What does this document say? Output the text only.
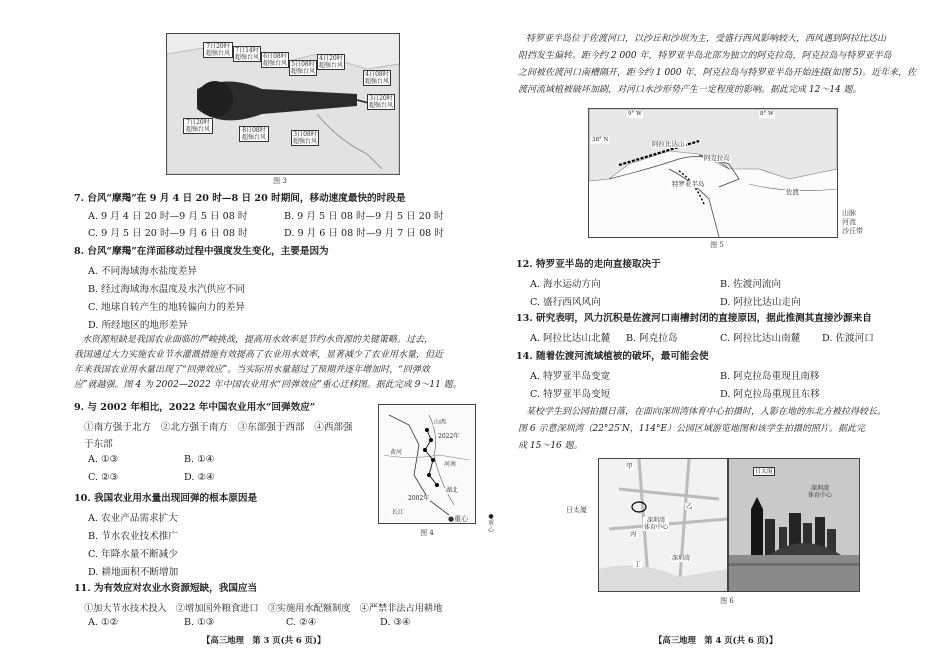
7日20时
超强台风 7日14时
超强台风 6日08时
超强台风 5日08时
超强台风
4日20时
超强台风
4日08时
超强台风
3日20时
超强台风
7日20时
超强台风	8日08时
超强台风	3日08时
超强台风
图 3
7. 台风“摩羯”在 9 月 4 日 20 时—8 日 20 时期间，移动速度最快的时段是
A. 9 月 4 日 20 时—9 月 5 日 08 时	B. 9 月 5 日 08 时—9 月 5 日 20 时
C. 9 月 5 日 20 时—9 月 6 日 08 时	D. 9 月 6 日 08 时—9 月 7 日 08 时
8. 台风“摩羯”在洋面移动过程中强度发生变化，主要是因为
A. 不同海域海水盐度差异
B. 经过海域海水温度及水汽供应不同
C. 地球自转产生的地转偏向力的差异
D. 所经地区的地形差异
水资源短缺是我国农业面临的严峻挑战，提高用水效率是节约水资源的关键策略。过去，
我国通过大力实施农业节水灌溉措施有效提高了农业用水效率，显著减少了农业用水量，但近
年来我国农业用水量出现了“回弹效应”。当实际用水量超过了预期并逐年增加时，“回弹效
应”就越强。图 4 为 2002—2022 年中国农业用水“回弹效应”重心迁移图。据此完成 9～11 题。
9. 与 2002 年相比，2022 年中国农业用水“回弹效应”
①南方强于北方　②北方强于南方　③东部强于西部　④西部强
于东部
A. ①③	B. ①④
C. ②③	D. ②④
山西
2022年
河南
湖北
2002年
黄河
长江
●重心
图 4
●重心
10. 我国农业用水量出现回弹的根本原因是
A. 农业产品需求扩大
B. 节水农业技术推广
C. 年降水量不断减少
D. 耕地面积不断增加
11. 为有效应对农业水资源短缺，我国应当
①加大节水技术投入　②增加国外粮食进口　③实施用水配额制度　④严禁非法占用耕地
A. ①②	B. ①③	C. ②④	D. ③④
【高三地理　第 3 页(共 6 页)】
特罗亚半岛位于佐渡河口，以沙丘和沙坝为主，受盛行西风影响较大，西风遇到阿拉比达山
阻挡发生偏转。距今约 2 000 年，特罗亚半岛北部为独立的阿克拉岛，阿克拉岛与特罗亚半岛
之间被佐渡河口南槽隔开，距今约 1 000 年，阿克拉岛与特罗亚半岛开始连接(如图 5)。近年来，佐
渡河流域植被破坏加剧，对河口水沙形势产生一定程度的影响。据此完成 12～14 题。
阿拉比达山
阿克拉岛
特罗亚半岛
佐渡
38° N
9° W	8° W
山脉
河流
沙丘带
图 5
12. 特罗亚半岛的走向直接取决于
A. 海水运动方向	B. 佐渡河流向
C. 盛行西风风向	D. 阿拉比达山走向
13. 研究表明，风力沉积是佐渡河口南槽封闭的直接原因，据此推测其直接沙源来自
A. 阿拉比达山北麓 B. 阿克拉岛	C. 阿拉比达山南麓 D. 佐渡河口
14. 随着佐渡河流域植被的破坏，最可能会使
A. 特罗亚半岛变宽	B. 阿克拉岛重现且南移
C. 特罗亚半岛变短	D. 阿克拉岛重现且东移
某校学生到公园拍摄日落，在面向深圳湾体育中心拍摄时，人影在地的东北方被拉得较长。
图 6 示意深圳湾（22°25′N，114°E）公园区域游览地图和该学生拍摄的照片。据此完
成 15～16 题。
甲
乙
丙
丁
深圳湾
体育中心
深圳湾
日太厦
日太厦
深圳湾
体育中心
图 6
【高三地理　第 4 页(共 6 页)】
